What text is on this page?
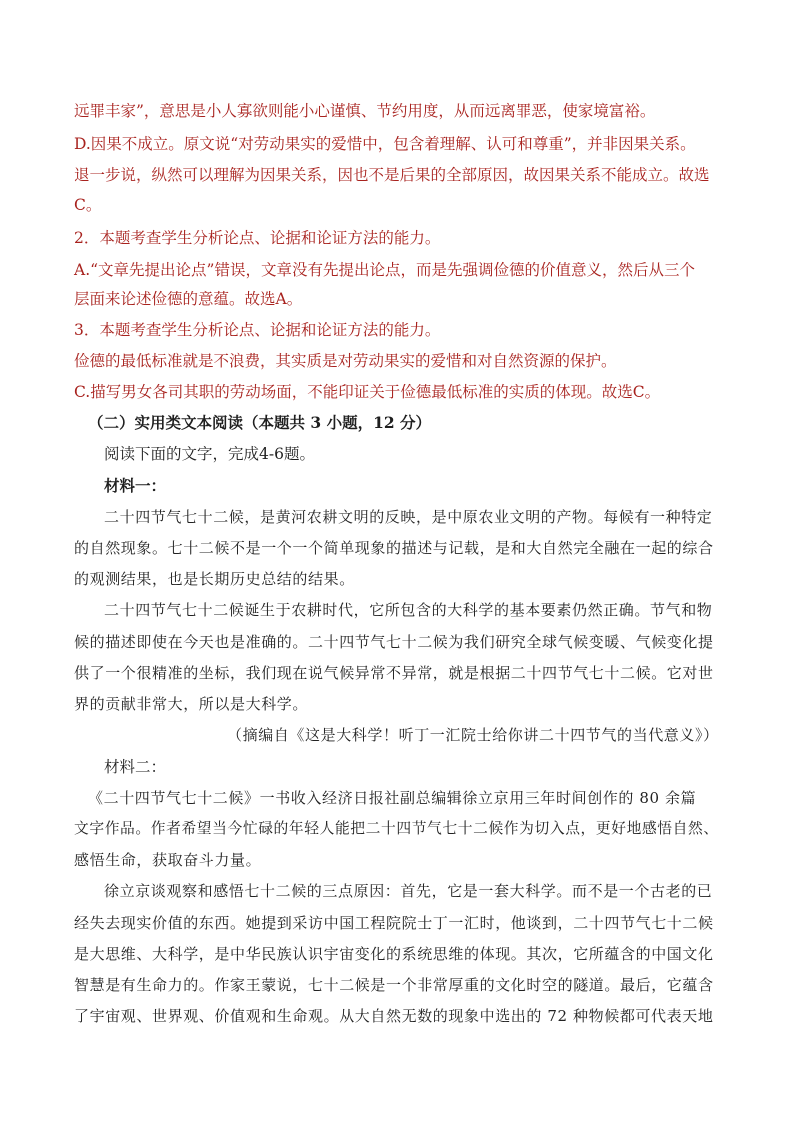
远罪丰家”，意思是小人寡欲则能小心谨慎、节约用度，从而远离罪恶，使家境富裕。
D.因果不成立。原文说“对劳动果实的爱惜中，包含着理解、认可和尊重”，并非因果关系。
退一步说，纵然可以理解为因果关系，因也不是后果的全部原因，故因果关系不能成立。故选
C。
2．本题考查学生分析论点、论据和论证方法的能力。
A.“文章先提出论点”错误，文章没有先提出论点，而是先强调俭德的价值意义，然后从三个
层面来论述俭德的意蕴。故选A。
3．本题考查学生分析论点、论据和论证方法的能力。
俭德的最低标准就是不浪费，其实质是对劳动果实的爱惜和对自然资源的保护。
C.描写男女各司其职的劳动场面，不能印证关于俭德最低标准的实质的体现。故选C。
（二）实用类文本阅读（本题共 3 小题，12 分）
阅读下面的文字，完成4-6题。
材料一：
二十四节气七十二候，是黄河农耕文明的反映，是中原农业文明的产物。每候有一种特定
的自然现象。七十二候不是一个一个简单现象的描述与记载，是和大自然完全融在一起的综合
的观测结果，也是长期历史总结的结果。
二十四节气七十二候诞生于农耕时代，它所包含的大科学的基本要素仍然正确。节气和物
候的描述即使在今天也是准确的。二十四节气七十二候为我们研究全球气候变暖、气候变化提
供了一个很精准的坐标，我们现在说气候异常不异常，就是根据二十四节气七十二候。它对世
界的贡献非常大，所以是大科学。
（摘编自《这是大科学！听丁一汇院士给你讲二十四节气的当代意义》）
材料二：
《二十四节气七十二候》一书收入经济日报社副总编辑徐立京用三年时间创作的 80 余篇
文字作品。作者希望当今忙碌的年轻人能把二十四节气七十二候作为切入点，更好地感悟自然、
感悟生命，获取奋斗力量。
徐立京谈观察和感悟七十二候的三点原因：首先，它是一套大科学。而不是一个古老的已
经失去现实价值的东西。她提到采访中国工程院院士丁一汇时，他谈到，二十四节气七十二候
是大思维、大科学，是中华民族认识宇宙变化的系统思维的体现。其次，它所蕴含的中国文化
智慧是有生命力的。作家王蒙说，七十二候是一个非常厚重的文化时空的隧道。最后，它蕴含
了宇宙观、世界观、价值观和生命观。从大自然无数的现象中选出的 72 种物候都可代表天地
